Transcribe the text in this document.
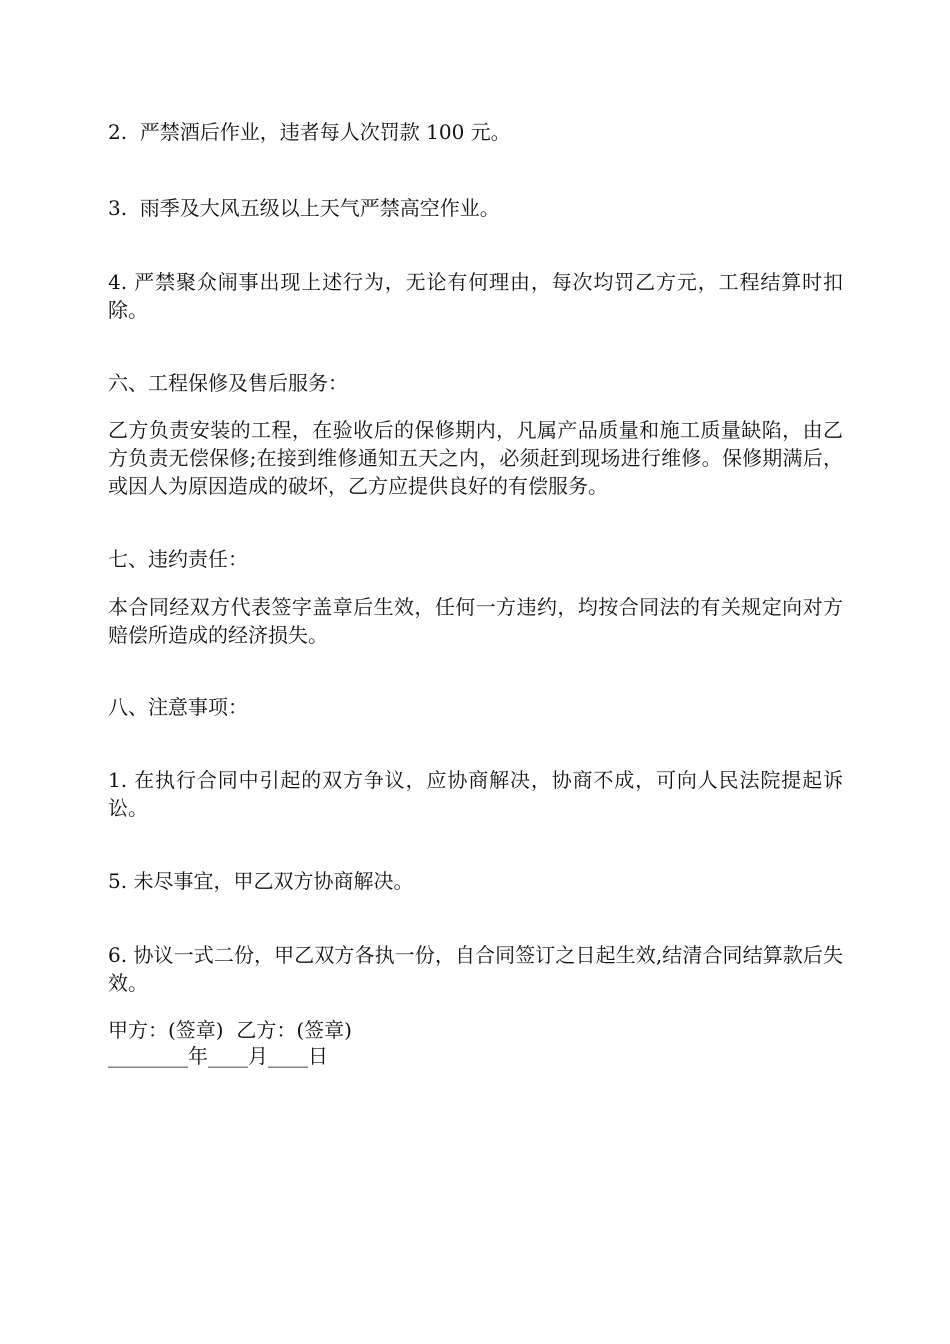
2.  严禁酒后作业，违者每人次罚款 100 元。

3.  雨季及大风五级以上天气严禁高空作业。

4. 严禁聚众闹事出现上述行为，无论有何理由，每次均罚乙方元，工程结算时扣除。

六、工程保修及售后服务：

乙方负责安装的工程，在验收后的保修期内，凡属产品质量和施工质量缺陷，由乙方负责无偿保修;在接到维修通知五天之内，必须赶到现场进行维修。保修期满后，或因人为原因造成的破坏，乙方应提供良好的有偿服务。

七、违约责任：

本合同经双方代表签字盖章后生效，任何一方违约，均按合同法的有关规定向对方赔偿所造成的经济损失。

八、注意事项：

1. 在执行合同中引起的双方争议，应协商解决，协商不成，可向人民法院提起诉讼。

5. 未尽事宜，甲乙双方协商解决。

6. 协议一式二份，甲乙双方各执一份，自合同签订之日起生效,结清合同结算款后失效。

甲方：(签章)  乙方：(签章)

________年____月____日
